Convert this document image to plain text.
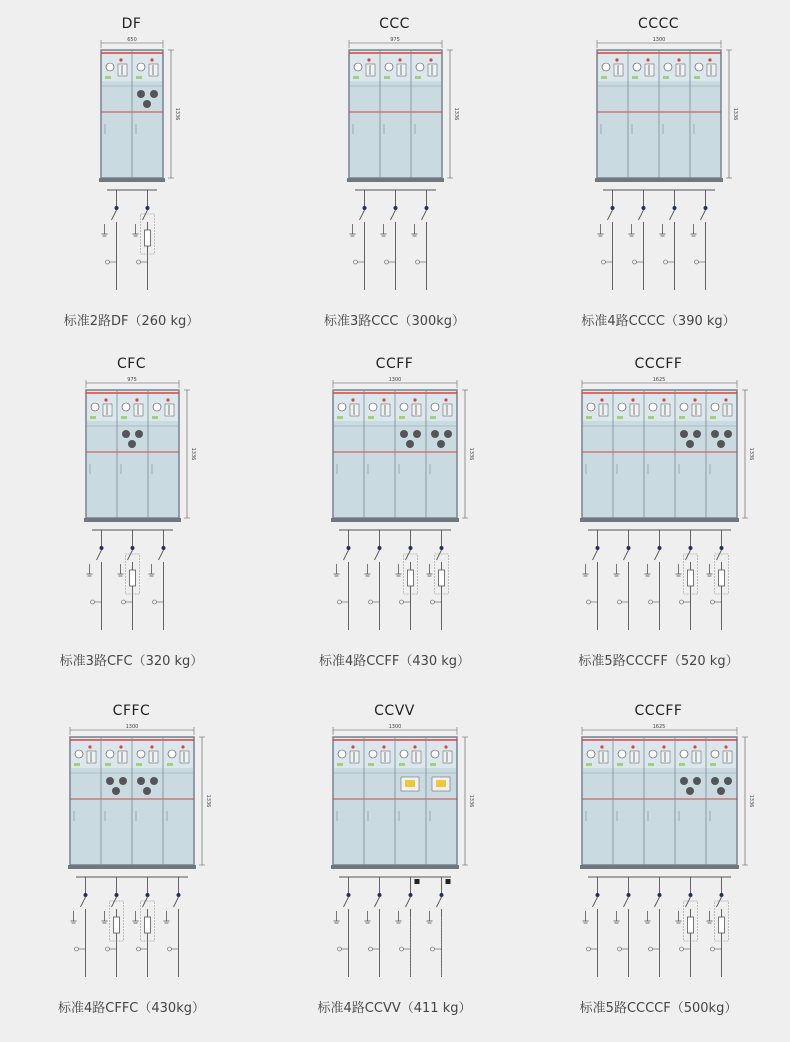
DF
650
1336
标准2路DF（260 kg）
CCC
975
1336
标准3路CCC（300kg）
CCCC
1300
1336
标准4路CCCC（390 kg）
CFC
975
1336
标准3路CFC（320 kg）
CCFF
1300
1336
标准4路CCFF（430 kg）
CCCFF
1625
1336
标准5路CCCFF（520 kg）
CFFC
1300
1336
标准4路CFFC（430kg）
CCVV
1300
1336
标准4路CCVV（411 kg）
CCCFF
1625
1336
标准5路CCCCF（500kg）
